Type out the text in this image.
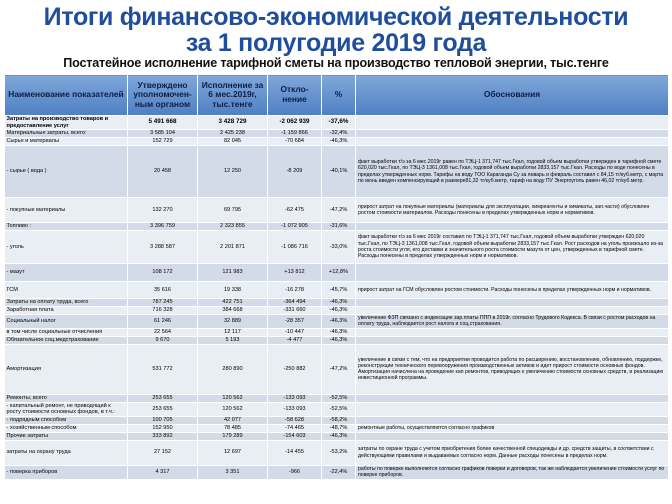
Итоги финансово-экономической деятельности
за 1 полугодие 2019 года
Постатейное исполнение тарифной сметы на производство тепловой энергии, тыс.тенге
Наименование показателей	Утверждено уполномочен-ным органом	Исполнение за 6 мес.2019г, тыс.тенге	Откло-нение	%	Обоснования
Затраты на производство товаров и предоставление услуг	5 491 668	3 428 729	-2 062 939	-37,6%	
Материальные затраты, всего:	3 585 104	2 425 238	-1 159 866	-32,4%	
Сырье и материалы	152 729	82 045	-70 684	-46,3%	
- сырье ( вода )	20 458	12 250	-8 209	-40,1%	факт выработки т/э за 6 мес.2019г равен по ТЭЦ-1 371,747 тыс.Гкал, годовой объем выработки утвержден в тарифной смете 620,020 тыс.Гкал, по ТЭЦ-3 1361,008 тыс.Гкал, годовой объем выработки 2833,157 тыс.Гкал. Расходы по воде понесены в пределах утвержденных норм. Тарифы на воду ТОО Караганда Су за январь и февраль составил с 84,15 тг/куб.метр, с марта по июнь введен компенсирующий в размере81,32 тг/куб.метр, тариф на воду ПУ Энергоуголь равен 46,02 тг/куб.метр.
- покупные материалы	132 270	69 795	-62 475	-47,2%	прирост затрат на покупные материалы (материалы для эксплуатации, химреагенты и химикаты, зап.части) обусловлен ростом стоимости материалов. Расходы понесены в пределах утвержденных норм и нормативов.
Топливо :	3 396 759	2 323 855	-1 072 905	-31,6%	
- уголь	3 288 587	2 201 871	-1 086 716	-33,0%	факт выработки т/э за 6 мес 2019г составил по ТЭЦ-1 371,747 тыс.Гкал, годовой объем выработки утвержден 620,020 тыс.Гкал, по ТЭЦ-3 1361,008 тыс.Гкал, годовой объем выработки 2833,157 тыс.Гкал. Рост расходов на уголь произошло из-за роста стоимости угля, его доставки и значительного роста стоимости мазута от цен, утвержденных в тарифной смете. Расходы понесены в пределах утвержденных норм и нормативов.
- мазут	108 172	121 983	+13 812	+12,8%	
ГСМ	35 616	19 338	-16 278	-45,7%	прирост затрат на ГСМ обусловлен ростом стоимости. Расходы понесены в пределах утвержденных норм и нормативов.
Затраты на оплату труда, всего	787 245	422 751	-364 494	-46,3%	
Заработная плата	716 328	384 668	-331 660	-46,3%	
Социальный налог	61 246	32 889	-28 357	-46,3%	увеличение ФЗП связано с индексацие зар.платы ППП в 2019г. согласно Трудового Кодекса. В связи с ростом расходов на оплату труда, наблюдается рост налога и соц.страхования.
в том числе социальные отчисления	22 564	12 117	-10 447	-46,3%	
Обязательное соц.медстрахование	9 670	5 193	-4 477	-46,3%	
Амортизация	531 772	280 890	-250 882	-47,2%	увеличение в связи с тем, что на предприятии проводится работа по расширению, восстановлению, обновлению, поддержке, реконструкции технического перевооружения производственных активов и идет прирост стоимости основных фондов. Амортизация начислена на проведение кап ремонтов, приводящих к увеличению стоимости основных средств, и реализацию инвестиционной программы.
Ремонты, всего	253 655	120 562	-133 093	-52,5%	
- капитальный ремонт, не приводящий к росту стоимости основных фондов, в т.ч.:	253 655	120 562	-133 093	-52,5%	
- подрядным способом	100 705	42 077	-58 628	-58,2%	
- хозяйственным способом	152 950	78 485	-74 465	-48,7%	ремонтные работы, осуществляются согласно графиков
Прочие затраты	333 892	179 289	-154 603	-46,3%	
затраты на охрану труда	27 152	12 697	-14 455	-53,2%	затраты по охране труда с учетом приобретения более качественной спецодежды и др. средств защиты, в соответствии с действующими правилами и выдаваемых согласно норм. Данные расходы понесены в пределах норм.
- поверка приборов	4 317	3 351	-966	-22,4%	работы по поверке выполняются согласно графиков поверки и договоров, так же наблюдается увеличение стоимости услуг по поверке приборов.
